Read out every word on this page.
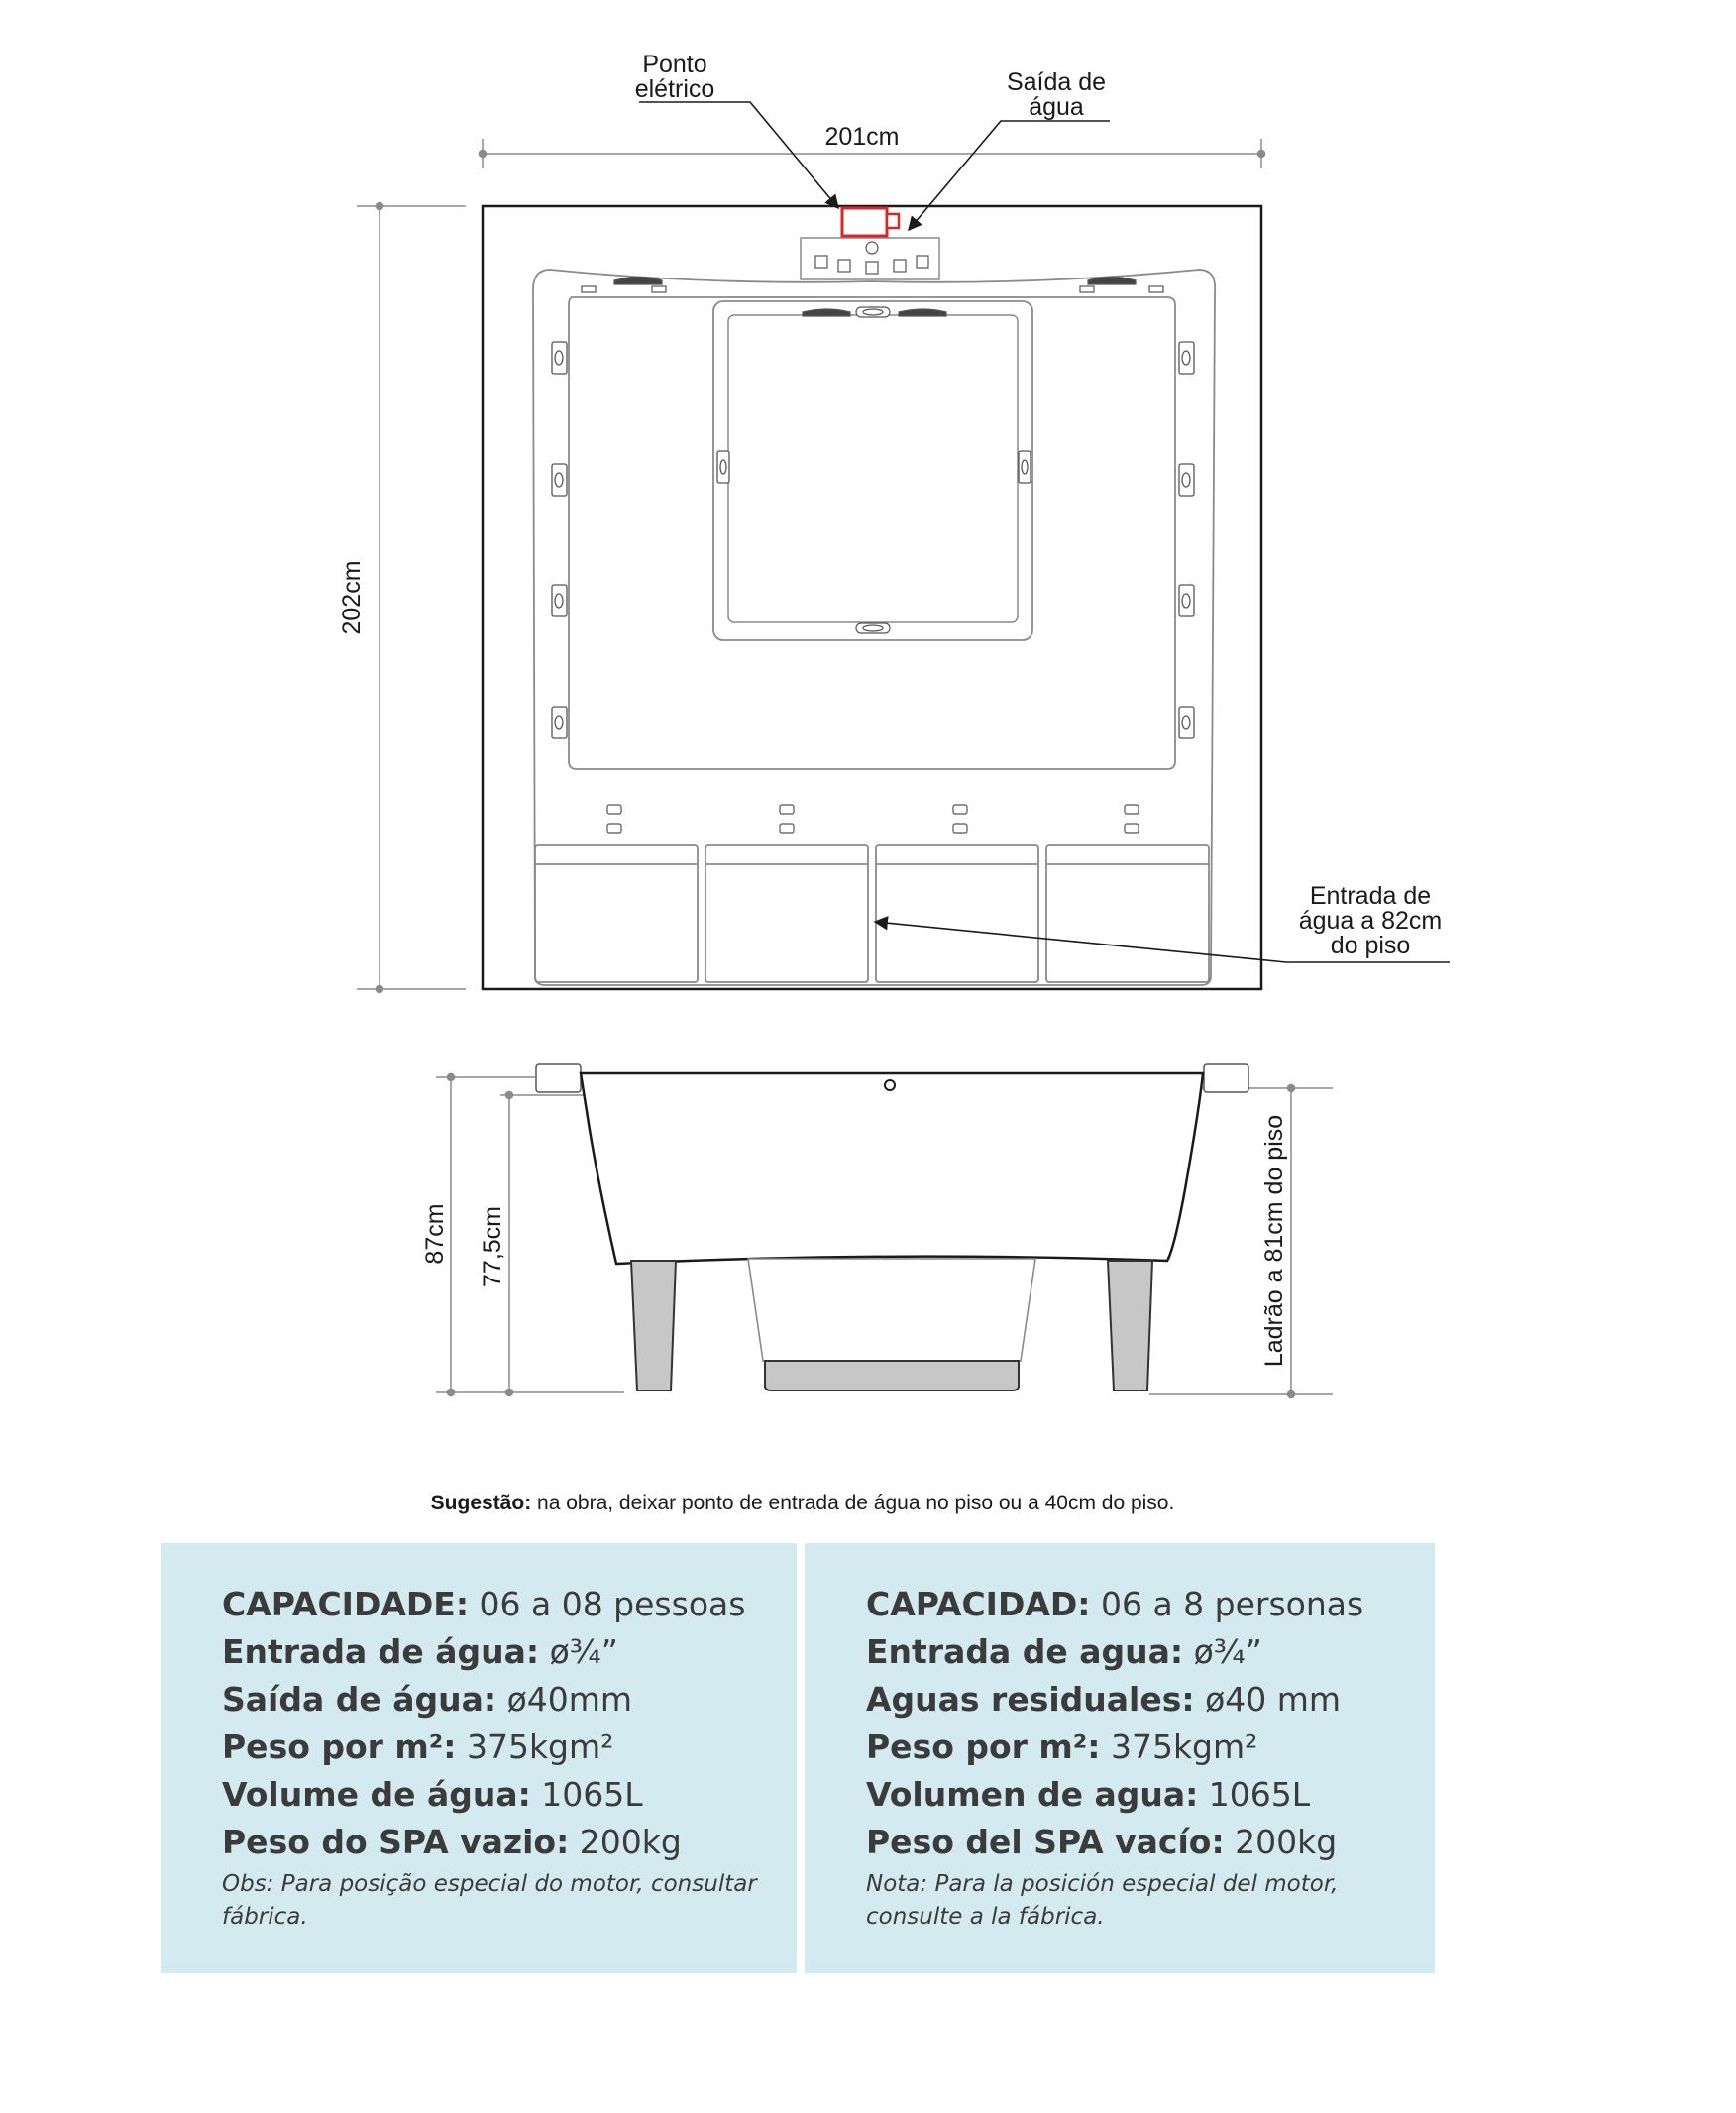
201cm
202cm
Ponto
elétrico	Saída de
água
Entrada de
água a 82cm
do piso
87cm 77,5cm	Ladrão a 81cm do piso
Sugestão: na obra, deixar ponto de entrada de água no piso ou a 40cm do piso.
CAPACIDADE: 06 a 08 pessoas
Entrada de água: ø¾”
Saída de água: ø40mm
Peso por m²: 375kgm²
Volume de água: 1065L
Peso do SPA vazio: 200kg
Obs: Para posição especial do motor, consultar fábrica.
CAPACIDAD: 06 a 8 personas
Entrada de agua: ø¾”
Aguas residuales: ø40 mm
Peso por m²: 375kgm²
Volumen de agua: 1065L
Peso del SPA vacío: 200kg
Nota: Para la posición especial del motor, consulte a la fábrica.
